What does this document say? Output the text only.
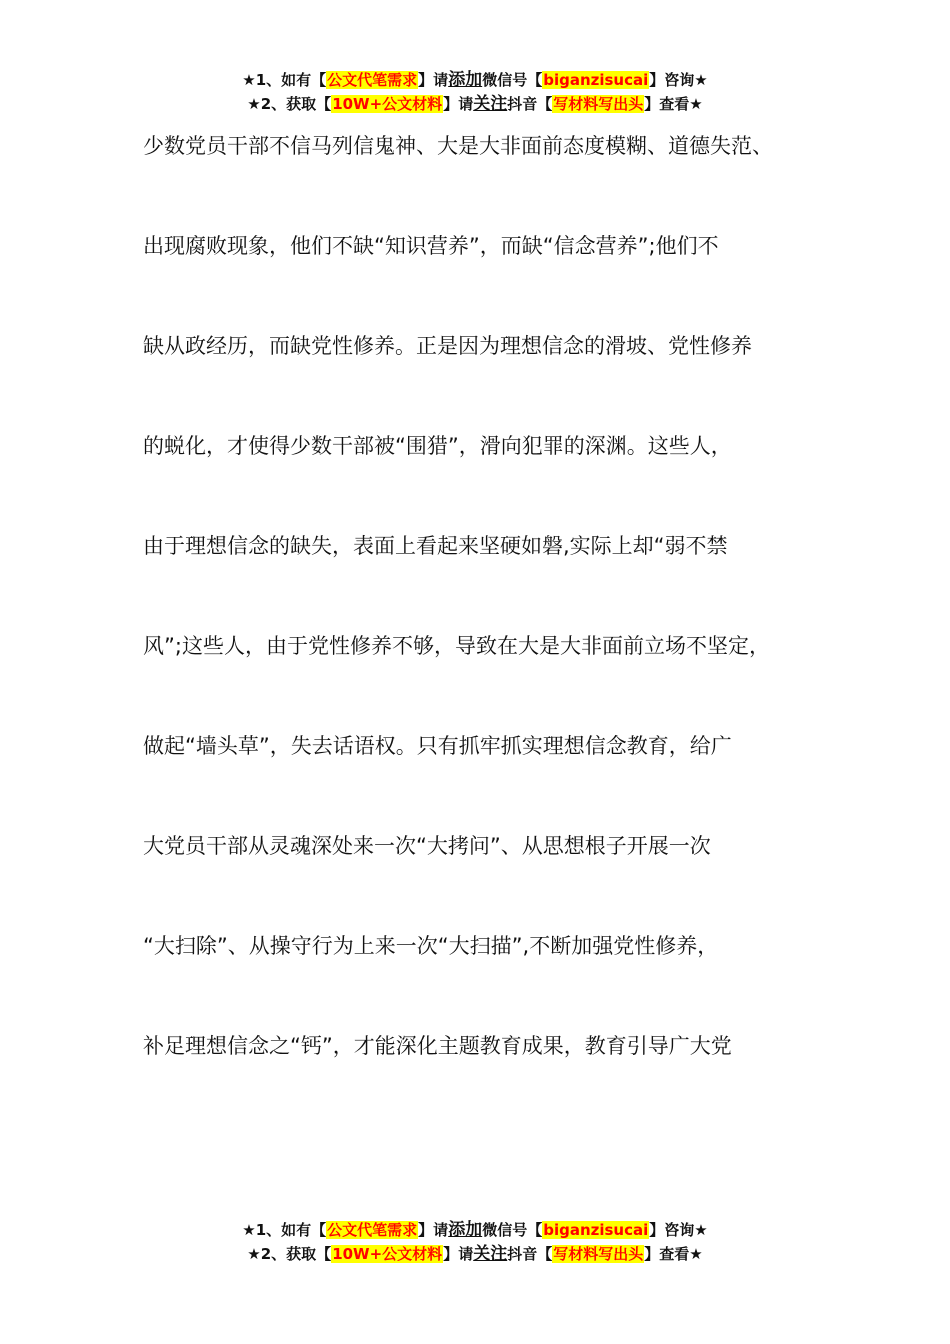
★1、如有【公文代笔需求】请添加微信号【biganzisucai】咨询★
★2、获取【10W+公文材料】请关注抖音【写材料写出头】查看★
少数党员干部不信马列信鬼神、大是大非面前态度模糊、道德失范、
出现腐败现象，他们不缺“知识营养”，而缺“信念营养”;他们不
缺从政经历，而缺党性修养。正是因为理想信念的滑坡、党性修养
的蜕化，才使得少数干部被“围猎”，滑向犯罪的深渊。这些人，
由于理想信念的缺失，表面上看起来坚硬如磐,实际上却“弱不禁
风”;这些人，由于党性修养不够，导致在大是大非面前立场不坚定，
做起“墙头草”，失去话语权。只有抓牢抓实理想信念教育，给广
大党员干部从灵魂深处来一次“大拷问”、从思想根子开展一次
“大扫除”、从操守行为上来一次“大扫描”,不断加强党性修养，
补足理想信念之“钙”，才能深化主题教育成果，教育引导广大党
★1、如有【公文代笔需求】请添加微信号【biganzisucai】咨询★
★2、获取【10W+公文材料】请关注抖音【写材料写出头】查看★
